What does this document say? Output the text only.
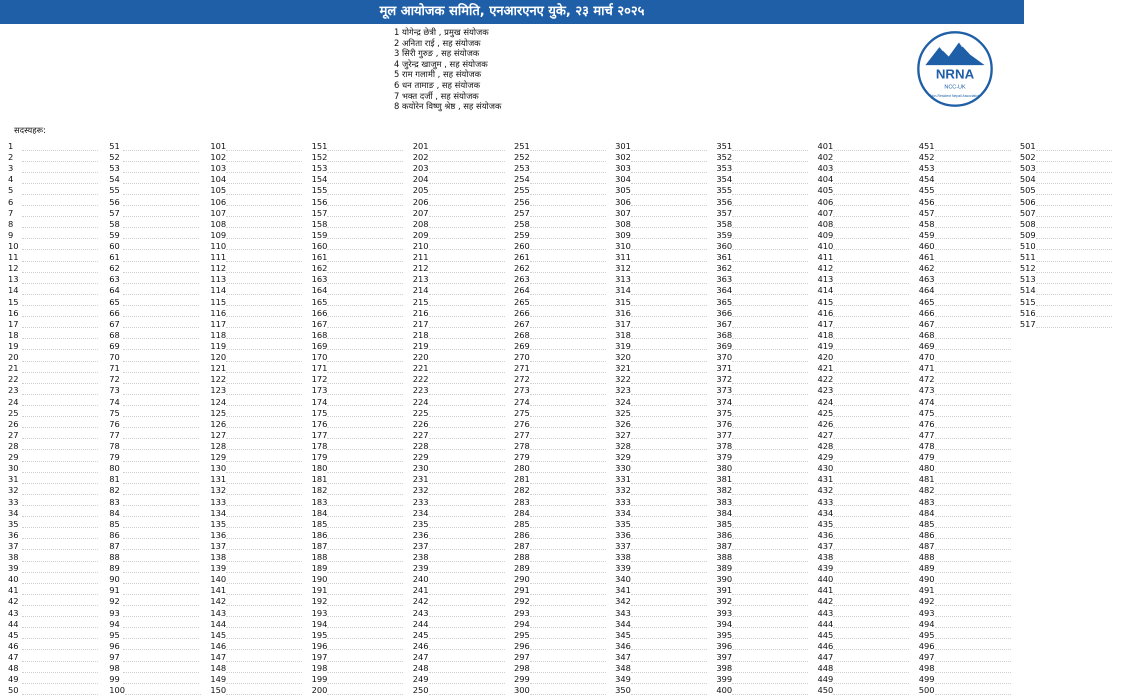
मूल आयोजक समिति, एनआरएनए युके, २३ मार्च २०२५
1 योगेन्द्र छेत्री , प्रमुख संयोजक
2 अनिता राई , सह संयोजक
3 सिरी गुरुङ , सह संयोजक
4 जुरेन्द्र खाजुम , सह संयोजक
5 राम गलामी , सह संयोजक
6 धन तामाङ , सह संयोजक
7 भक्त दर्जी , सह संयोजक
8 कयोरेन विष्णु श्रेष्ठ , सह संयोजक
NRNA
NCC-UK
Non-Resident Nepali Association
सदस्यहरू:
1
2
3
4
5
6
7
8
9
10
11
12
13
14
15
16
17
18
19
20
21
22
23
24
25
26
27
28
29
30
31
32
33
34
35
36
37
38
39
40
41
42
43
44
45
46
47
48
49
50
51
52
53
54
55
56
57
58
59
60
61
62
63
64
65
66
67
68
69
70
71
72
73
74
75
76
77
78
79
80
81
82
83
84
85
86
87
88
89
90
91
92
93
94
95
96
97
98
99
100
101
102
103
104
105
106
107
108
109
110
111
112
113
114
115
116
117
118
119
120
121
122
123
124
125
126
127
128
129
130
131
132
133
134
135
136
137
138
139
140
141
142
143
144
145
146
147
148
149
150
151
152
153
154
155
156
157
158
159
160
161
162
163
164
165
166
167
168
169
170
171
172
173
174
175
176
177
178
179
180
181
182
183
184
185
186
187
188
189
190
191
192
193
194
195
196
197
198
199
200
201
202
203
204
205
206
207
208
209
210
211
212
213
214
215
216
217
218
219
220
221
222
223
224
225
226
227
228
229
230
231
232
233
234
235
236
237
238
239
240
241
242
243
244
245
246
247
248
249
250
251
252
253
254
255
256
257
258
259
260
261
262
263
264
265
266
267
268
269
270
271
272
273
274
275
276
277
278
279
280
281
282
283
284
285
286
287
288
289
290
291
292
293
294
295
296
297
298
299
300
301
302
303
304
305
306
307
308
309
310
311
312
313
314
315
316
317
318
319
320
321
322
323
324
325
326
327
328
329
330
331
332
333
334
335
336
337
338
339
340
341
342
343
344
345
346
347
348
349
350
351
352
353
354
355
356
357
358
359
360
361
362
363
364
365
366
367
368
369
370
371
372
373
374
375
376
377
378
379
380
381
382
383
384
385
386
387
388
389
390
391
392
393
394
395
396
397
398
399
400
401
402
403
404
405
406
407
408
409
410
411
412
413
414
415
416
417
418
419
420
421
422
423
424
425
426
427
428
429
430
431
432
433
434
435
436
437
438
439
440
441
442
443
444
445
446
447
448
449
450
451
452
453
454
455
456
457
458
459
460
461
462
463
464
465
466
467
468
469
470
471
472
473
474
475
476
477
478
479
480
481
482
483
484
485
486
487
488
489
490
491
492
493
494
495
496
497
498
499
500
501
502
503
504
505
506
507
508
509
510
511
512
513
514
515
516
517
